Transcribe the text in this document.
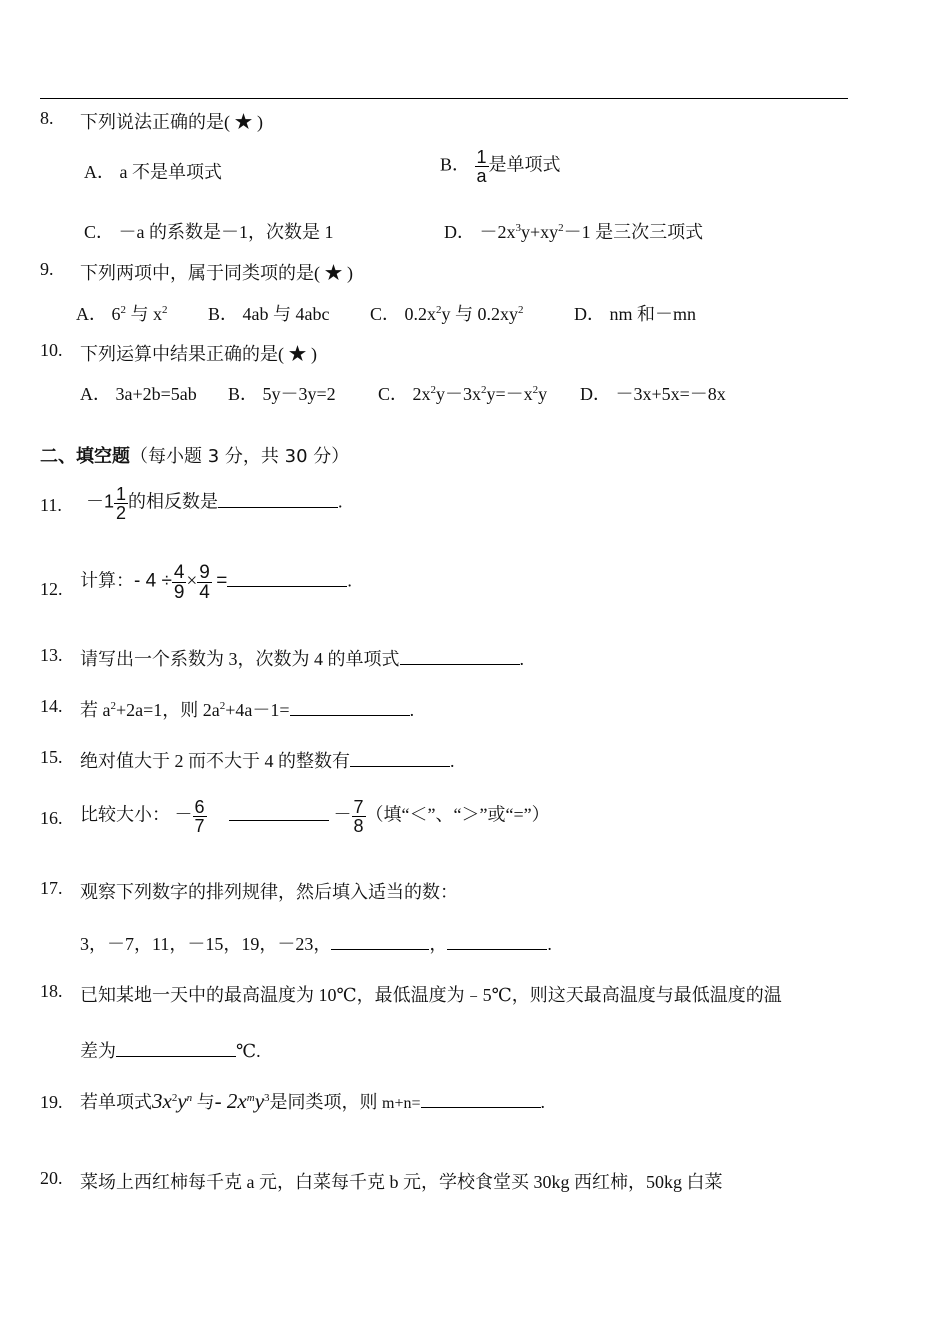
8. 下列说法正确的是( ★ )
A． a 不是单项式	B． $\frac{1}{a}$ 是单项式
C． －a 的系数是－1，次数是 1	D． $-2x^3y+xy^2-1$ 是三次三项式
9. 下列两项中，属于同类项的是( ★ )
A． $6^2$ 与 $x^2$ B． 4ab 与 4abc C． $0.2x^2y$ 与 $0.2xy^2$	D． nm 和－mn
10. 下列运算中结果正确的是( ★ )
A． 3a+2b=5ab B． 5y－3y=2 C． $2x^2y-3x^2y=-x^2y$ D． －3x+5x=－8x
二、填空题（每小题 3 分，共 30 分）
11. $-1 \frac{1}{2}$ 的相反数是	.
12. 计算：- $4 \div \frac{4}{9} \times \frac{9}{4}$ =	.
13. 请写出一个系数为 3，次数为 4 的单项式	.
14. 若 $a^2+2a=1$，则 $2a^2+4a-1=$	.
15. 绝对值大于 2 而不大于 4 的整数有	.
16. 比较大小： － $\frac{6}{7}$	－ $\frac{7}{8}$ （填“＜”、“＞”或“=”）
17. 观察下列数字的排列规律，然后填入适当的数：
3，－7，11，－15，19，－23，	，	.
18. 已知某地一天中的最高温度为 10℃，最低温度为﹣5℃，则这天最高温度与最低温度的温
差为	℃.
19. 若单项式$3x^2y^n$ 与- $2x^my^3$是同类项，则 m+n=	.
20. 菜场上西红柿每千克 a 元，白菜每千克 b 元，学校食堂买 30kg 西红柿，50kg 白菜
